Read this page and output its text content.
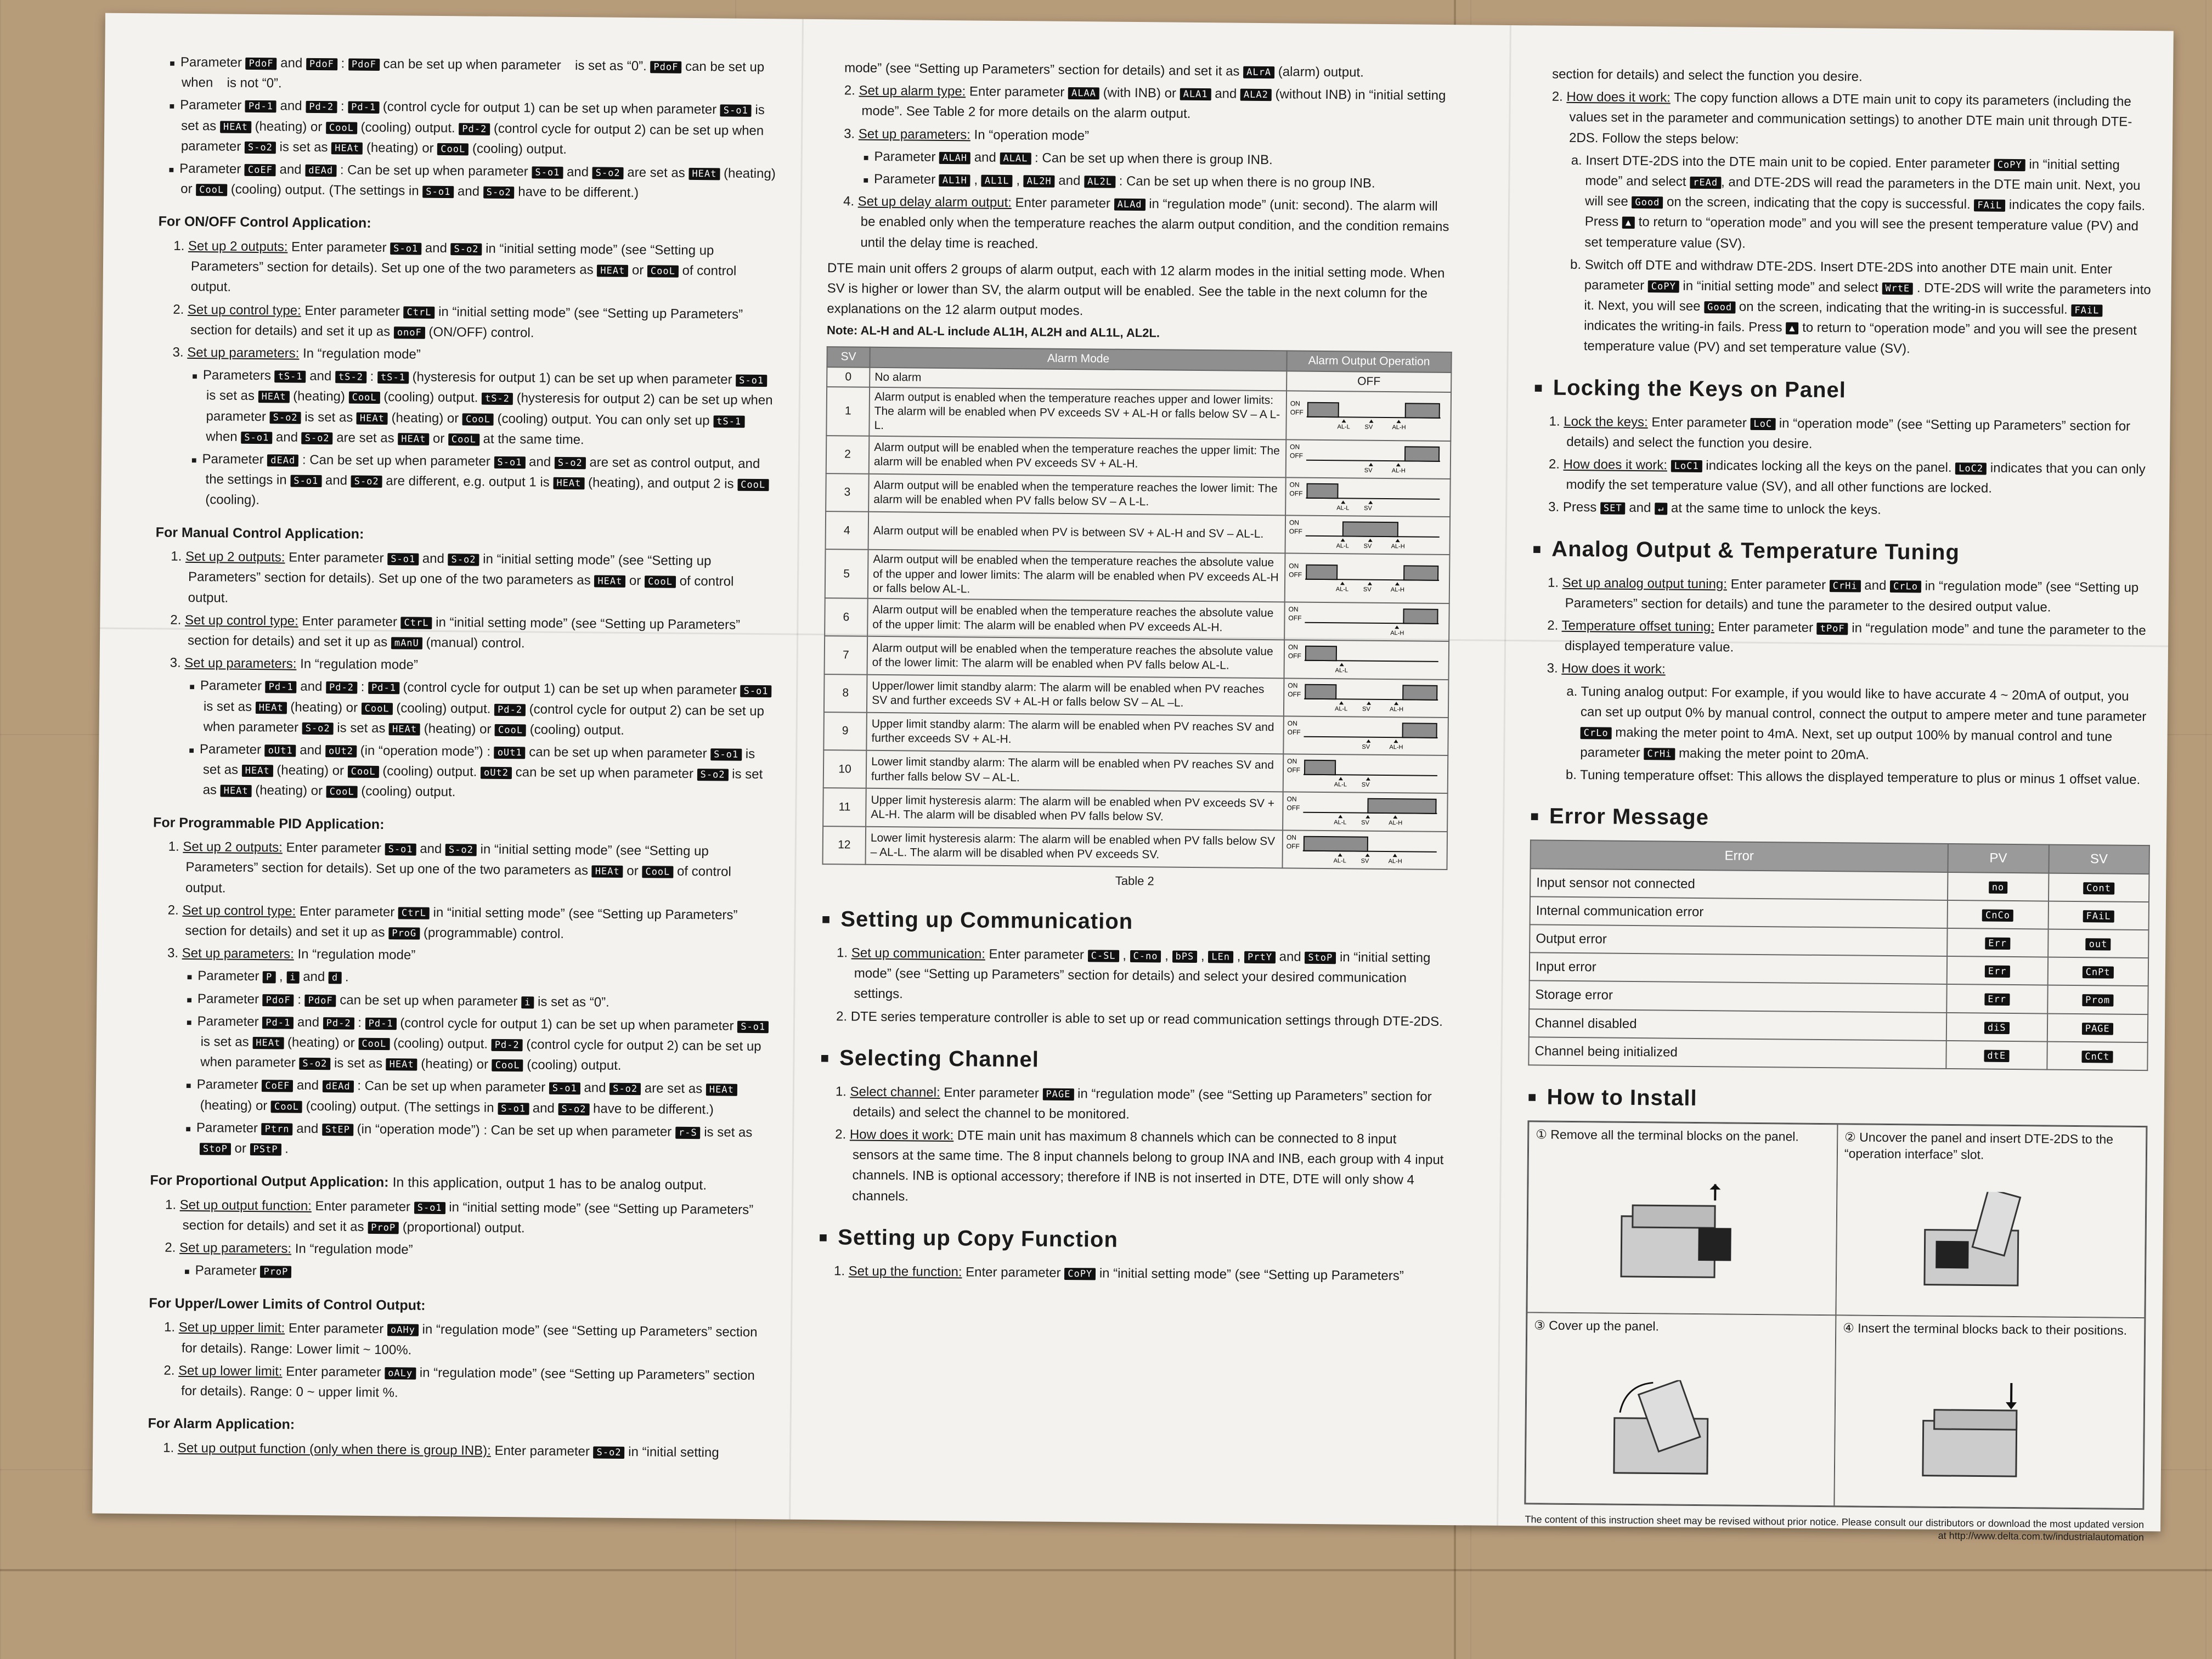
■ Parameter PdoF and PdoF : PdoF can be set up when parameter  is set as “0”. PdoF can be set up when  is not “0”.

■ Parameter Pd-1 and Pd-2 : Pd-1 (control cycle for output 1) can be set up when parameter S-o1 is set as HEAt (heating) or CooL (cooling) output. Pd-2 (control cycle for output 2) can be set up when parameter S-o2 is set as HEAt (heating) or CooL (cooling) output.

■ Parameter CoEF and dEAd : Can be set up when parameter S-o1 and S-o2 are set as HEAt (heating) or CooL (cooling) output. (The settings in S-o1 and S-o2 have to be different.)

For ON/OFF Control Application:

1. Set up 2 outputs: Enter parameter S-o1 and S-o2 in “initial setting mode” (see “Setting up Parameters” section for details). Set up one of the two parameters as HEAt or CooL of control output.

2. Set up control type: Enter parameter CtrL in “initial setting mode” (see “Setting up Parameters” section for details) and set it up as onoF (ON/OFF) control.

3. Set up parameters: In “regulation mode”

■ Parameters tS-1 and tS-2 : tS-1 (hysteresis for output 1) can be set up when parameter S-o1 is set as HEAt (heating) CooL (cooling) output. tS-2 (hysteresis for output 2) can be set up when parameter S-o2 is set as HEAt (heating) or CooL (cooling) output. You can only set up tS-1 when S-o1 and S-o2 are set as HEAt or CooL at the same time.

■ Parameter dEAd : Can be set up when parameter S-o1 and S-o2 are set as control output, and the settings in S-o1 and S-o2 are different, e.g. output 1 is HEAt (heating), and output 2 is CooL (cooling).

For Manual Control Application:

1. Set up 2 outputs: Enter parameter S-o1 and S-o2 in “initial setting mode” (see “Setting up Parameters” section for details). Set up one of the two parameters as HEAt or CooL of control output.

2. Set up control type: Enter parameter CtrL in “initial setting mode” (see “Setting up Parameters” section for details) and set it up as mAnU (manual) control.

3. Set up parameters: In “regulation mode”

■ Parameter Pd-1 and Pd-2 : Pd-1 (control cycle for output 1) can be set up when parameter S-o1 is set as HEAt (heating) or CooL (cooling) output. Pd-2 (control cycle for output 2) can be set up when parameter S-o2 is set as HEAt (heating) or CooL (cooling) output.

■ Parameter oUt1 and oUt2 (in “operation mode”) : oUt1 can be set up when parameter S-o1 is set as HEAt (heating) or CooL (cooling) output. oUt2 can be set up when parameter S-o2 is set as HEAt (heating) or CooL (cooling) output.

For Programmable PID Application:

1. Set up 2 outputs: Enter parameter S-o1 and S-o2 in “initial setting mode” (see “Setting up Parameters” section for details). Set up one of the two parameters as HEAt or CooL of control output.

2. Set up control type: Enter parameter CtrL in “initial setting mode” (see “Setting up Parameters” section for details) and set it up as ProG (programmable) control.

3. Set up parameters: In “regulation mode”

■ Parameter P , i and d .

■ Parameter PdoF : PdoF can be set up when parameter i is set as “0”.

■ Parameter Pd-1 and Pd-2 : Pd-1 (control cycle for output 1) can be set up when parameter S-o1 is set as HEAt (heating) or CooL (cooling) output. Pd-2 (control cycle for output 2) can be set up when parameter S-o2 is set as HEAt (heating) or CooL (cooling) output.

■ Parameter CoEF and dEAd : Can be set up when parameter S-o1 and S-o2 are set as HEAt (heating) or CooL (cooling) output. (The settings in S-o1 and S-o2 have to be different.)

■ Parameter Ptrn and StEP (in “operation mode”) : Can be set up when parameter r-S is set as StoP or PStP .

For Proportional Output Application: In this application, output 1 has to be analog output.

1. Set up output function: Enter parameter S-o1 in “initial setting mode” (see “Setting up Parameters” section for details) and set it as ProP (proportional) output.

2. Set up parameters: In “regulation mode”

■ Parameter ProP

For Upper/Lower Limits of Control Output:

1. Set up upper limit: Enter parameter oAHy in “regulation mode” (see “Setting up Parameters” section for details). Range: Lower limit ~ 100%.

2. Set up lower limit: Enter parameter oALy in “regulation mode” (see “Setting up Parameters” section for details). Range: 0 ~ upper limit %.

For Alarm Application:

1. Set up output function (only when there is group INB): Enter parameter S-o2 in “initial setting

mode” (see “Setting up Parameters” section for details) and set it as ALrA (alarm) output.

2. Set up alarm type: Enter parameter ALAA (with INB) or ALA1 and ALA2 (without INB) in “initial setting mode”. See Table 2 for more details on the alarm output.

3. Set up parameters: In “operation mode”

■ Parameter ALAH and ALAL : Can be set up when there is group INB.

■ Parameter AL1H , AL1L , AL2H and AL2L : Can be set up when there is no group INB.

4. Set up delay alarm output: Enter parameter ALAd in “regulation mode” (unit: second). The alarm will be enabled only when the temperature reaches the alarm output condition, and the condition remains until the delay time is reached.

DTE main unit offers 2 groups of alarm output, each with 12 alarm modes in the initial setting mode. When SV is higher or lower than SV, the alarm output will be enabled. See the table in the next column for the explanations on the 12 alarm output modes.

Note: AL-H and AL-L include AL1H, AL2H and AL1L, AL2L.

SV	Alarm Mode	Alarm Output Operation
0	No alarm	OFF
1	Alarm output is enabled when the temperature reaches upper and lower limits: The alarm will be enabled when PV exceeds SV + AL-H or falls below SV – A L-L.	ON
OFF
AL-L SV AL-H

2	Alarm output will be enabled when the temperature reaches the upper limit: The alarm will be enabled when PV exceeds SV + AL-H.	ON
OFF
SV AL-H

3	Alarm output will be enabled when the temperature reaches the lower limit: The alarm will be enabled when PV falls below SV – A L-L.	ON
OFF
AL-L SV

4	Alarm output will be enabled when PV is between SV + AL-H and SV – AL-L.	ON
OFF
AL-L SV AL-H

5	Alarm output will be enabled when the temperature reaches the absolute value of the upper and lower limits: The alarm will be enabled when PV exceeds AL-H or falls below AL-L.	ON
OFF
AL-L SV AL-H

6	Alarm output will be enabled when the temperature reaches the absolute value of the upper limit: The alarm will be enabled when PV exceeds AL-H.	ON
OFF
AL-H

7	Alarm output will be enabled when the temperature reaches the absolute value of the lower limit: The alarm will be enabled when PV falls below AL-L.	ON
OFF
AL-L

8	Upper/lower limit standby alarm: The alarm will be enabled when PV reaches SV and further exceeds SV + AL-H or falls below SV – AL –L.	ON
OFF
AL-L SV AL-H

9	Upper limit standby alarm: The alarm will be enabled when PV reaches SV and further exceeds SV + AL-H.	ON
OFF
SV AL-H

10	Lower limit standby alarm: The alarm will be enabled when PV reaches SV and further falls below SV – AL-L.	ON
OFF
AL-L SV

11	Upper limit hysteresis alarm: The alarm will be enabled when PV exceeds SV + AL-H. The alarm will be disabled when PV falls below SV.	ON
OFF
AL-L SV AL-H

12	Lower limit hysteresis alarm: The alarm will be enabled when PV falls below SV – AL-L. The alarm will be disabled when PV exceeds SV.	ON
OFF
AL-L SV AL-H
Table 2
■ Setting up Communication

1. Set up communication: Enter parameter C-SL , C-no , bPS , LEn , PrtY and StoP in “initial setting mode” (see “Setting up Parameters” section for details) and select your desired communication settings.

2. DTE series temperature controller is able to set up or read communication settings through DTE-2DS.

■ Selecting Channel

1. Select channel: Enter parameter PAGE in “regulation mode” (see “Setting up Parameters” section for details) and select the channel to be monitored.

2. How does it work: DTE main unit has maximum 8 channels which can be connected to 8 input sensors at the same time. The 8 input channels belong to group INA and INB, each group with 4 input channels. INB is optional accessory; therefore if INB is not inserted in DTE, DTE will only show 4 channels.

■ Setting up Copy Function

1. Set up the function: Enter parameter CoPY in “initial setting mode” (see “Setting up Parameters”

section for details) and select the function you desire.

2. How does it work: The copy function allows a DTE main unit to copy its parameters (including the values set in the parameter and communication settings) to another DTE main unit through DTE-2DS. Follow the steps below:

a. Insert DTE-2DS into the DTE main unit to be copied. Enter parameter CoPY in “initial setting mode” and select rEAd , and DTE-2DS will read the parameters in the DTE main unit. Next, you will see Good on the screen, indicating that the copy is successful. FAiL indicates the copy fails. Press ▲ to return to “operation mode” and you will see the present temperature value (PV) and set temperature value (SV).

b. Switch off DTE and withdraw DTE-2DS. Insert DTE-2DS into another DTE main unit. Enter parameter CoPY in “initial setting mode” and select WrtE . DTE-2DS will write the parameters into it. Next, you will see Good on the screen, indicating that the writing-in is successful. FAiL indicates the writing-in fails. Press ▲ to return to “operation mode” and you will see the present temperature value (PV) and set temperature value (SV).

■ Locking the Keys on Panel

1. Lock the keys: Enter parameter LoC in “operation mode” (see “Setting up Parameters” section for details) and select the function you desire.

2. How does it work: LoC1 indicates locking all the keys on the panel. LoC2 indicates that you can only modify the set temperature value (SV), and all other functions are locked.

3. Press SET and ↵ at the same time to unlock the keys.

■ Analog Output & Temperature Tuning

1. Set up analog output tuning: Enter parameter CrHi and CrLo in “regulation mode” (see “Setting up Parameters” section for details) and tune the parameter to the desired output value.

2. Temperature offset tuning: Enter parameter tPoF in “regulation mode” and tune the parameter to the displayed temperature value.

3. How does it work:

a. Tuning analog output: For example, if you would like to have accurate 4 ~ 20mA of output, you can set up output 0% by manual control, connect the output to ampere meter and tune parameter CrLo making the meter point to 4mA. Next, set up output 100% by manual control and tune parameter CrHi making the meter point to 20mA.

b. Tuning temperature offset: This allows the displayed temperature to plus or minus 1 offset value.

■ Error Message
Error	PV	SV
Input sensor not connected	no	Cont
Internal communication error	CnCo	FAiL
Output error	Err	out
Input error	Err	CnPt
Storage error	Err	Prom
Channel disabled	diS	PAGE
Channel being initialized	dtE	CnCt
■ How to Install
① Remove all the terminal blocks on the panel.	② Uncover the panel and insert DTE-2DS to the “operation interface” slot.
③ Cover up the panel.	④ Insert the terminal blocks back to their positions.
The content of this instruction sheet may be revised without prior notice. Please consult our distributors or download the most updated version at http://www.delta.com.tw/industrialautomation
